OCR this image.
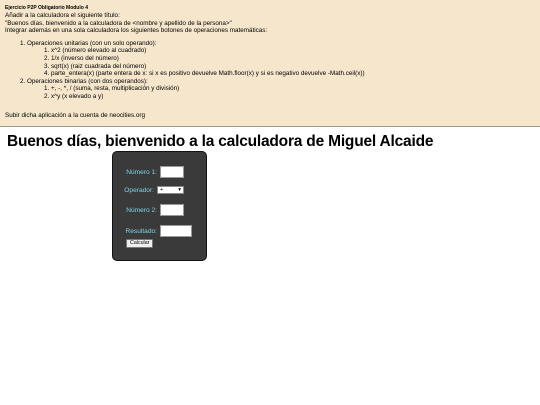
Ejercicio P2P Obligatorio Modulo 4
Añadir a la calculadora el siguiente título:
"Buenos días, bienvenido a la calculadora de <nombre y apellido de la persona>"
Integrar además en una sola calculadora los siguientes botones de operaciones matemáticas:
1. Operaciones unitarias (con un solo operando):
1. x^2 (número elevado al cuadrado)
2. 1/x (inverso del número)
3. sqrt(x) (raiz cuadrada del número)
4. parte_entera(x) (parte entera de x: si x es positivo devuelve Math.floor(x) y si es negativo devuelve -Math.ceil(x))
2. Operaciones binarias (con dos operandos):
1. +, -, *, / (suma, resta, multiplicación y división)
2. x^y (x elevado a y)
Subir dicha aplicación a la cuenta de neocities.org
Buenos días, bienvenido a la calculadora de Miguel Alcaide
Número 1:
Operador: +	▾
Número 2:
Resultado:
Calcular
